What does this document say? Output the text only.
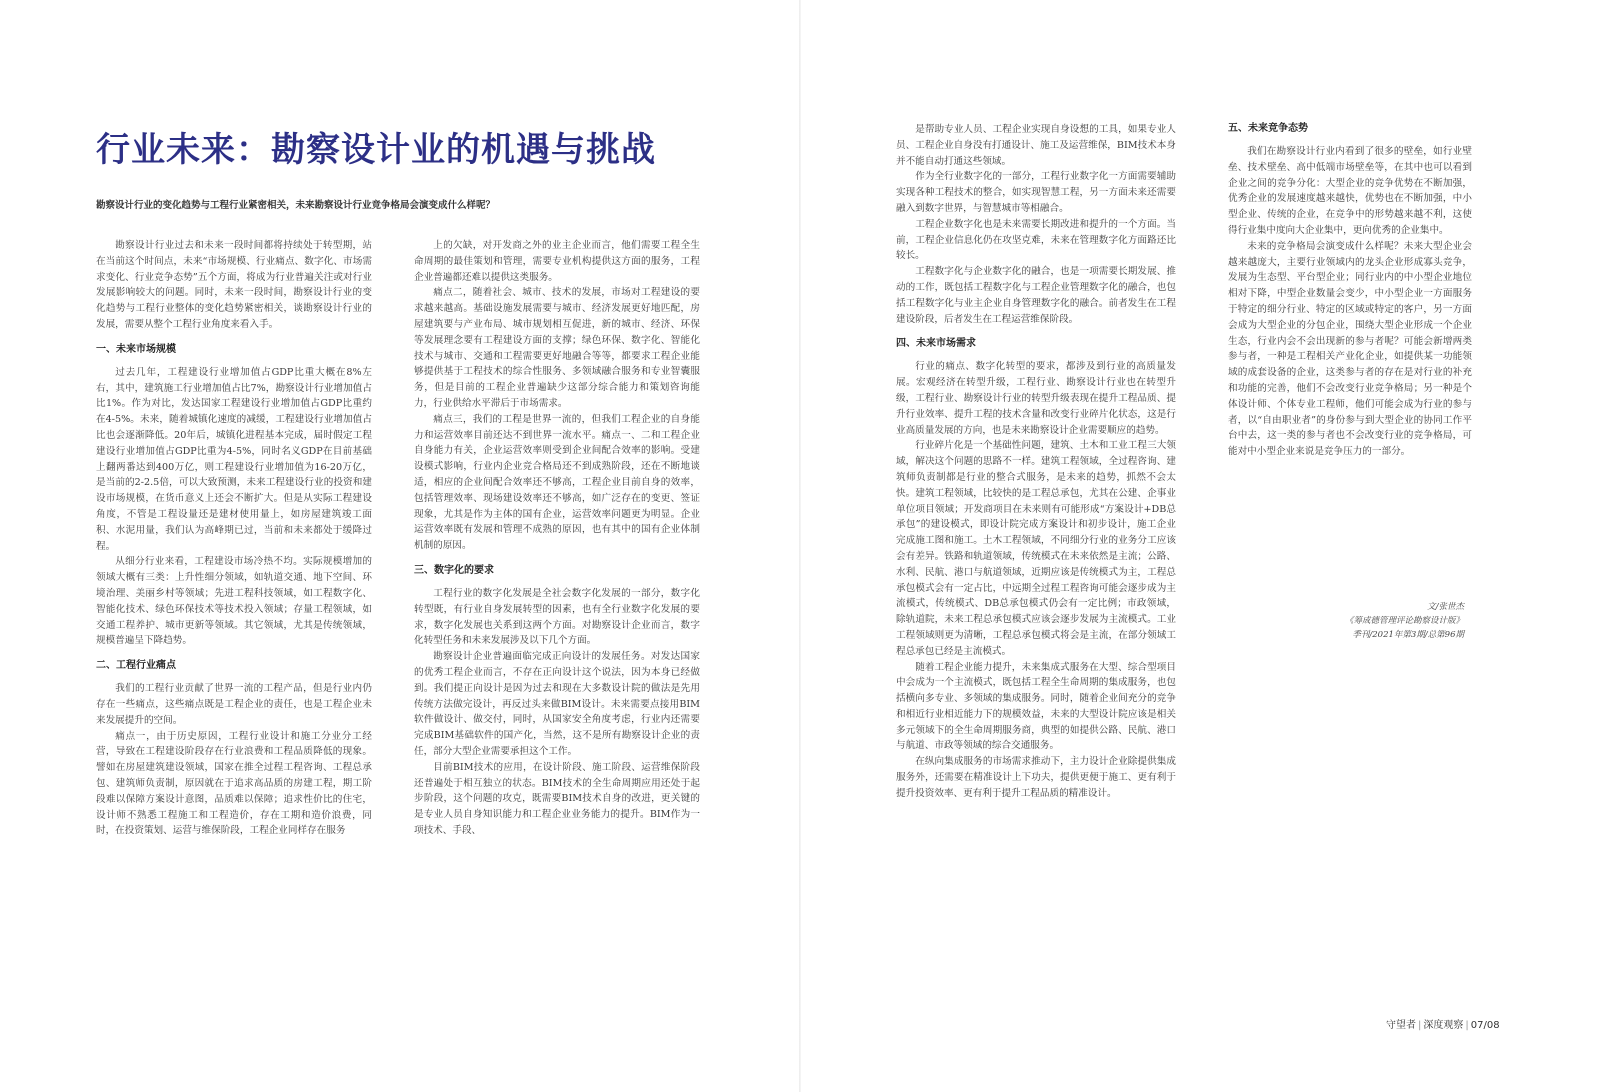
行业未来：勘察设计业的机遇与挑战
勘察设计行业的变化趋势与工程行业紧密相关，未来勘察设计行业竞争格局会演变成什么样呢？

勘察设计行业过去和未来一段时间都将持续处于转型期，站在当前这个时间点，未来“市场规模、行业痛点、数字化、市场需求变化、行业竞争态势”五个方面，将成为行业普遍关注或对行业发展影响较大的问题。同时，未来一段时间，勘察设计行业的变化趋势与工程行业整体的变化趋势紧密相关，谈勘察设计行业的发展，需要从整个工程行业角度来看入手。

一、未来市场规模

过去几年，工程建设行业增加值占GDP比重大概在8%左右，其中，建筑施工行业增加值占比7%，勘察设计行业增加值占比1%。作为对比，发达国家工程建设行业增加值占GDP比重约在4-5%。未来，随着城镇化速度的减缓，工程建设行业增加值占比也会逐渐降低。20年后，城镇化进程基本完成，届时假定工程建设行业增加值占GDP比重为4-5%，同时名义GDP在目前基础上翻两番达到400万亿，则工程建设行业增加值为16-20万亿，是当前的2-2.5倍，可以大致预测，未来工程建设行业的投资和建设市场规模，在货币意义上还会不断扩大。但是从实际工程建设角度，不管是工程设量还是建材使用量上，如房屋建筑竣工面积、水泥用量，我们认为高峰期已过，当前和未来都处于缓降过程。

从细分行业来看，工程建设市场冷热不均。实际规模增加的领域大概有三类：上升性细分领域，如轨道交通、地下空间、环境治理、美丽乡村等领域；先进工程科技领域，如工程数字化、智能化技术、绿色环保技术等技术投入领域；存量工程领域，如交通工程养护、城市更新等领域。其它领域，尤其是传统领域，规模普遍呈下降趋势。

二、工程行业痛点

我们的工程行业贡献了世界一流的工程产品，但是行业内仍存在一些痛点，这些痛点既是工程企业的责任，也是工程企业未来发展提升的空间。

痛点一，由于历史原因，工程行业设计和施工分业分工经营，导致在工程建设阶段存在行业浪费和工程品质降低的现象。譬如在房屋建筑建设领域，国家在推全过程工程咨询、工程总承包、建筑师负责制，原因就在于追求高品质的房建工程，期工阶段难以保障方案设计意图，品质难以保障；追求性价比的住宅，设计师不熟悉工程施工和工程造价，存在工期和造价浪费，同时，在投资策划、运营与维保阶段，工程企业同样存在服务

上的欠缺，对开发商之外的业主企业而言，他们需要工程全生命周期的最佳策划和管理，需要专业机构提供这方面的服务，工程企业普遍都还难以提供这类服务。

痛点二，随着社会、城市、技术的发展，市场对工程建设的要求越来越高。基础设施发展需要与城市、经济发展更好地匹配，房屋建筑要与产业布局、城市规划相互促进，新的城市、经济、环保等发展理念要有工程建设方面的支撑；绿色环保、数字化、智能化技术与城市、交通和工程需要更好地融合等等，都要求工程企业能够提供基于工程技术的综合性服务、多领域融合服务和专业智囊服务，但是目前的工程企业普遍缺少这部分综合能力和策划咨询能力，行业供给水平滞后于市场需求。

痛点三，我们的工程是世界一流的，但我们工程企业的自身能力和运营效率目前还达不到世界一流水平。痛点一、二和工程企业自身能力有关，企业运营效率则受到企业间配合效率的影响。受建设模式影响，行业内企业竞合格局还不到成熟阶段，还在不断地谈适，相应的企业间配合效率还不够高，工程企业目前自身的效率，包括管理效率、现场建设效率还不够高，如广泛存在的变更、签证现象，尤其是作为主体的国有企业，运营效率问题更为明显。企业运营效率既有发展和管理不成熟的原因，也有其中的国有企业体制机制的原因。

三、数字化的要求

工程行业的数字化发展是全社会数字化发展的一部分，数字化转型既，有行业自身发展转型的因素，也有全行业数字化发展的要求，数字化发展也关系到这两个方面。对勘察设计企业而言，数字化转型任务和未来发展涉及以下几个方面。

勘察设计企业普遍面临完成正向设计的发展任务。对发达国家的优秀工程企业而言，不存在正向设计这个说法，因为本身已经做到。我们提正向设计是因为过去和现在大多数设计院的做法是先用传统方法做完设计，再反过头来做BIM设计。未来需要点接用BIM软件做设计、做交付，同时，从国家安全角度考虑，行业内还需要完成BIM基础软件的国产化，当然，这不是所有勘察设计企业的责任，部分大型企业需要承担这个工作。

目前BIM技术的应用，在设计阶段、施工阶段、运营维保阶段还普遍处于相互独立的状态。BIM技术的全生命周期应用还处于起步阶段，这个问题的攻克，既需要BIM技术自身的改进，更关键的是专业人员自身知识能力和工程企业业务能力的提升。BIM作为一项技术、手段、

是帮助专业人员、工程企业实现自身设想的工具，如果专业人员、工程企业自身没有打通设计、施工及运营维保，BIM技术本身并不能自动打通这些领域。

作为全行业数字化的一部分，工程行业数字化一方面需要辅助实现各种工程技术的整合，如实现智慧工程，另一方面未来还需要融入到数字世界，与智慧城市等相融合。

工程企业数字化也是未来需要长期改进和提升的一个方面。当前，工程企业信息化仍在攻坚克难，未来在管理数字化方面路还比较长。

工程数字化与企业数字化的融合，也是一项需要长期发展、推动的工作，既包括工程数字化与工程企业管理数字化的融合，也包括工程数字化与业主企业自身管理数字化的融合。前者发生在工程建设阶段，后者发生在工程运营维保阶段。

四、未来市场需求

行业的痛点、数字化转型的要求，都涉及到行业的高质量发展。宏观经济在转型升级，工程行业、勘察设计行业也在转型升级，工程行业、勘察设计行业的转型升级表现在提升工程品质、提升行业效率、提升工程的技术含量和改变行业碎片化状态，这是行业高质量发展的方向，也是未来勘察设计企业需要顺应的趋势。

行业碎片化是一个基础性问题，建筑、土木和工业工程三大领域，解决这个问题的思路不一样。建筑工程领域，全过程咨询、建筑师负责制都是行业的整合式服务，是未来的趋势，抓然不会太快。建筑工程领域，比较快的是工程总承包，尤其在公建、企事业单位项目领域；开发商项目在未来则有可能形成“方案设计+DB总承包”的建设模式，即设计院完成方案设计和初步设计，施工企业完成施工图和施工。土木工程领域，不同细分行业的业务分工应该会有差异。铁路和轨道领域，传统模式在未来依然是主流；公路、水利、民航、港口与航道领域，近期应该是传统模式为主，工程总承包模式会有一定占比，中远期全过程工程咨询可能会逐步成为主流模式，传统模式、DB总承包模式仍会有一定比例；市政领域，除轨道院，未来工程总承包模式应该会逐步发展为主流模式。工业工程领域则更为清晰，工程总承包模式将会是主流，在部分领域工程总承包已经是主流模式。

随着工程企业能力提升，未来集成式服务在大型、综合型项目中会成为一个主流模式，既包括工程全生命周期的集成服务，也包括横向多专业、多领域的集成服务。同时，随着企业间充分的竞争和相近行业相近能力下的规模效益，未来的大型设计院应该是相关多元领域下的全生命周期服务商，典型的如提供公路、民航、港口与航道、市政等领域的综合交通服务。

在纵向集成服务的市场需求推动下，主力设计企业除提供集成服务外，还需要在精准设计上下功夫，提供更便于施工、更有利于提升投资效率、更有利于提升工程品质的精准设计。

五、未来竞争态势

我们在勘察设计行业内看到了很多的壁垒，如行业壁垒、技术壁垒、高中低端市场壁垒等，在其中也可以看到企业之间的竞争分化：大型企业的竞争优势在不断加强，优秀企业的发展速度越来越快，优势也在不断加强，中小型企业、传统的企业，在竞争中的形势越来越不利，这使得行业集中度向大企业集中，更向优秀的企业集中。

未来的竞争格局会演变成什么样呢？未来大型企业会越来越庞大，主要行业领域内的龙头企业形成寡头竞争，发展为生态型、平台型企业；同行业内的中小型企业地位相对下降，中型企业数量会变少，中小型企业一方面服务于特定的细分行业、特定的区域或特定的客户，另一方面会成为大型企业的分包企业，围绕大型企业形成一个企业生态，行业内会不会出现新的参与者呢？可能会新增两类参与者，一种是工程相关产业化企业，如提供某一功能领域的成套设备的企业，这类参与者的存在是对行业的补充和功能的完善，他们不会改变行业竞争格局；另一种是个体设计师、个体专业工程师，他们可能会成为行业的参与者，以“自由职业者”的身份参与到大型企业的协同工作平台中去，这一类的参与者也不会改变行业的竞争格局，可能对中小型企业来说是竞争压力的一部分。

文/张世杰
《筹成德管理评论勘察设计版》
季刊/2021年第3期/总第96期
守望者 | 深度观察 | 07/08
